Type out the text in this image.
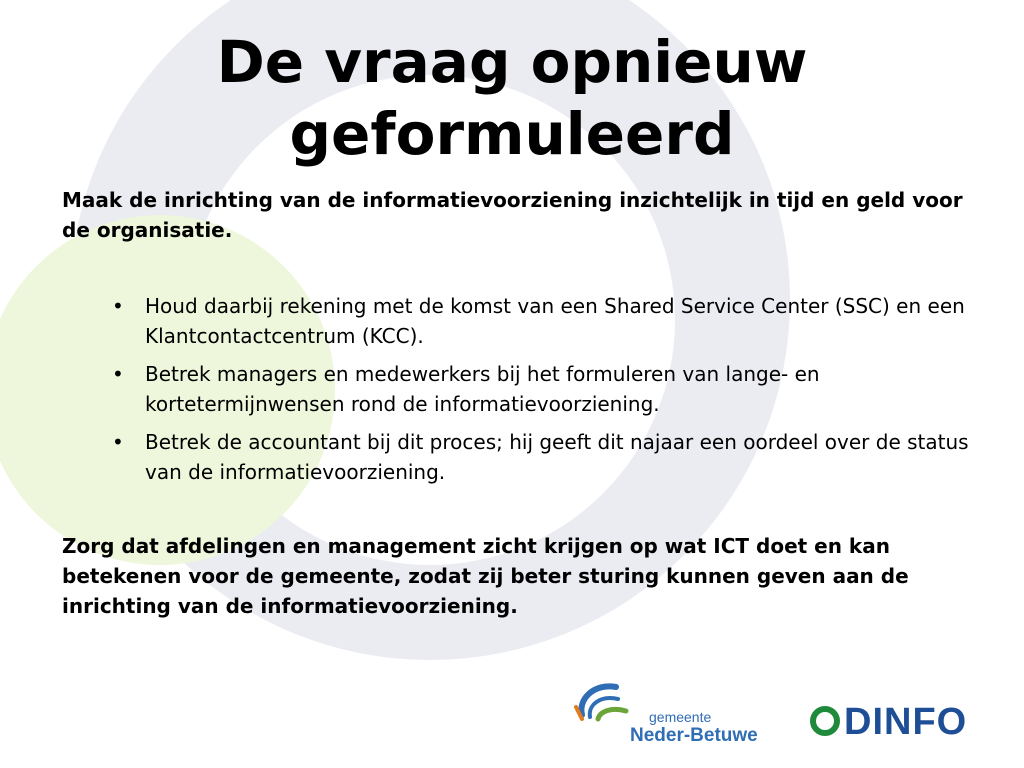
De vraag opnieuw
geformuleerd
Maak de inrichting van de informatievoorziening inzichtelijk in tijd en geld voor de organisatie.
• Houd daarbij rekening met de komst van een Shared Service Center (SSC) en een Klantcontactcentrum (KCC).
• Betrek managers en medewerkers bij het formuleren van lange- en kortetermijnwensen rond de informatievoorziening.
• Betrek de accountant bij dit proces; hij geeft dit najaar een oordeel over de status van de informatievoorziening.
Zorg dat afdelingen en management zicht krijgen op wat ICT doet en kan betekenen voor de gemeente, zodat zij beter sturing kunnen geven aan de inrichting van de informatievoorziening.
gemeente
Neder-Betuwe DINFO
